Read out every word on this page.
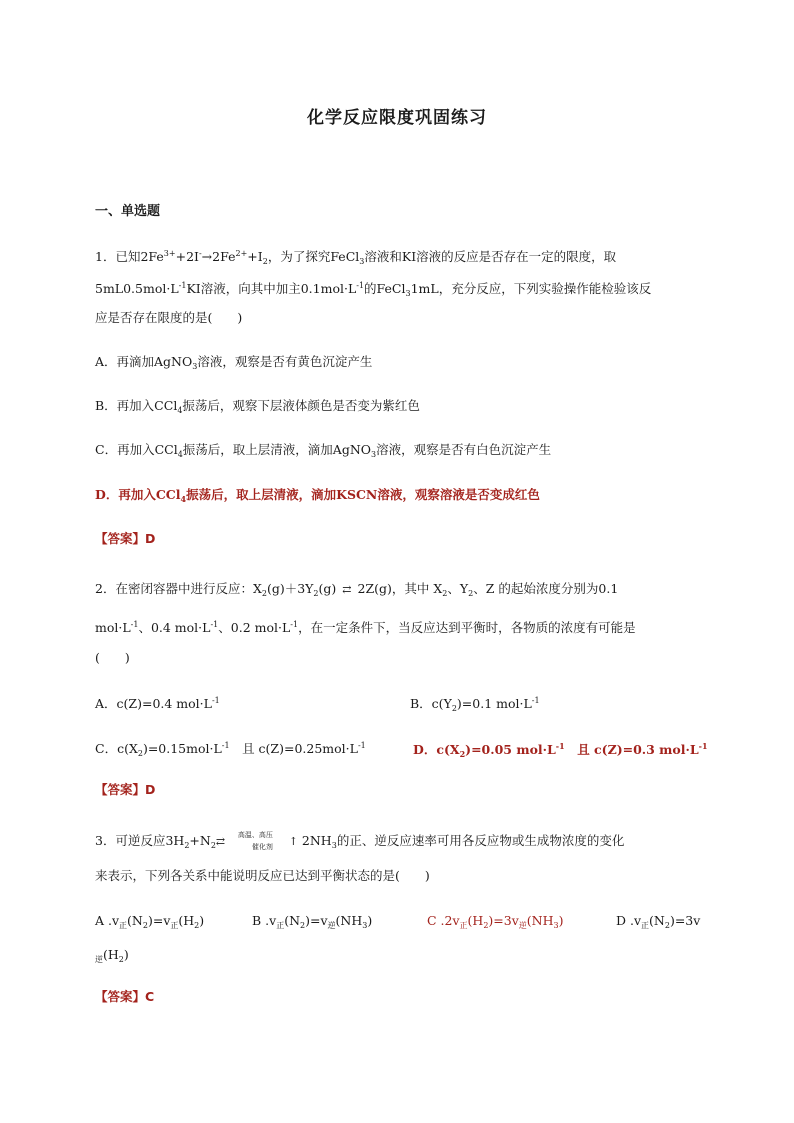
化学反应限度巩固练习
一、单选题
1．已知$2Fe^{3+}+2I^-\to 2Fe^{2+}+I_2$，为了探究FeCl$_3$溶液和KI溶液的反应是否存在一定的限度，取
$5mL0.5mol\cdot L^{-1}KI$溶液，向其中加主$0.1mol\cdot L^{-1}$的FeCl$_3$1mL，充分反应，下列实验操作能检验该反
应是否存在限度的是(　　)
A．再滴加AgNO$_3$溶液，观察是否有黄色沉淀产生
B．再加入CCl$_4$振荡后，观察下层液体颜色是否变为紫红色
C．再加入CCl$_4$振荡后，取上层清液，滴加AgNO$_3$溶液，观察是否有白色沉淀产生
D．再加入CCl$_4$振荡后，取上层清液，滴加KSCN溶液，观察溶液是否变成红色
【答案】D
2．在密闭容器中进行反应：$X_2(g)+3Y_2(g)$ ⇄ 2Z(g)，其中 $X_2$、$Y_2$、Z 的起始浓度分别为0.1
$mol\cdot L^{-1}$、0.4 $mol\cdot L^{-1}$、0.2 $mol\cdot L^{-1}$，在一定条件下，当反应达到平衡时，各物质的浓度有可能是
(　　)
A．c(Z)=0.4 $mol\cdot L^{-1}$	B．$c(Y_2)=0.1$ $mol\cdot L^{-1}$
C．$c(X_2)=0.15mol\cdot L^{-1}$　且 $c(Z)=0.25mol\cdot L^{-1}$	D．$c(X_2)=0.05$ $mol\cdot L^{-1}$　且 c(Z)=0.3 $mol\cdot L^{-1}$
【答案】D
3．可逆反应$3H_2+N_2$ ⇄ 高温、高压
催化剂 ↑ $2NH_3$的正、逆反应速率可用各反应物或生成物浓度的变化
来表示，下列各关系中能说明反应已达到平衡状态的是(　　)
A $.v_正(N_2)=v_正(H_2)$	B $.v_正(N_2)=v_逆(NH_3)$	C $.2v_正(H_2)=3v_逆(NH_3)$	D $.v_正(N_2)=3v$
$_逆(H_2)$
【答案】C
